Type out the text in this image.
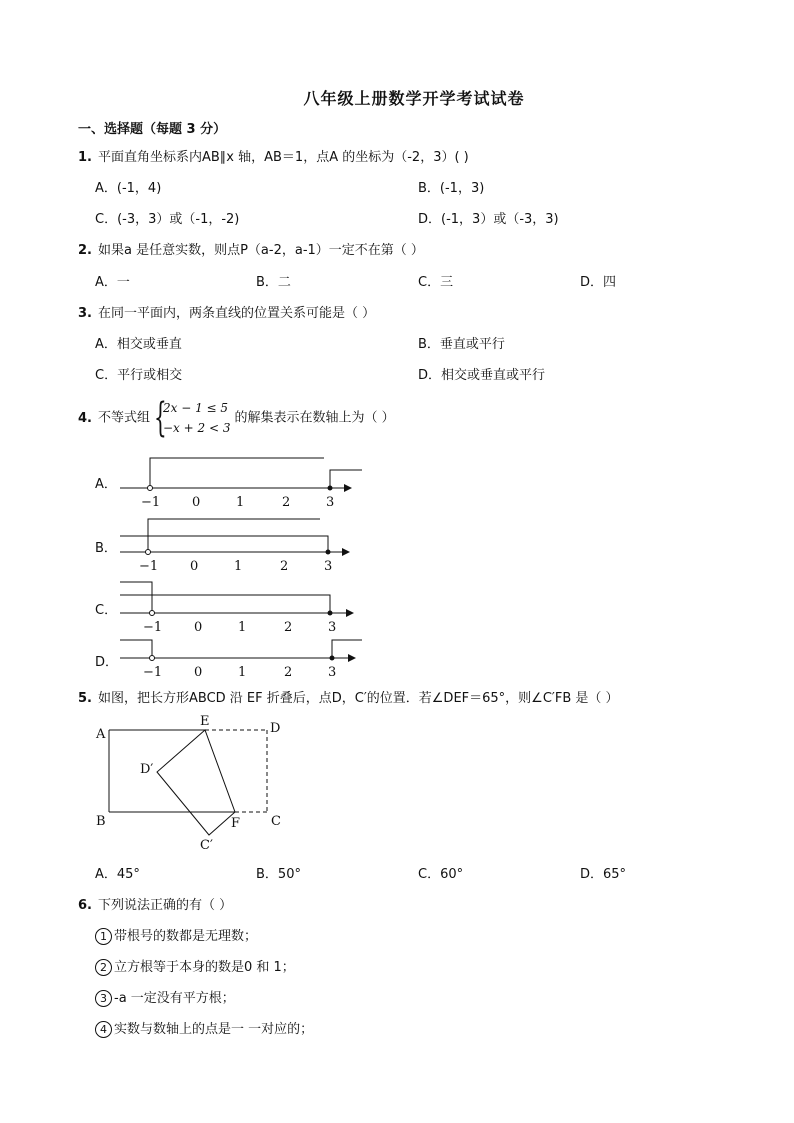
八年级上册数学开学考试试卷
一、选择题（每题 3 分）
1. 平面直角坐标系内AB∥x 轴，AB＝1，点A 的坐标为（-2，3）( )
A．(-1，4)	B．(-1，3)
C．(-3，3）或（-1，-2)	D．(-1，3）或（-3，3)
2. 如果a 是任意实数，则点P（a-2，a-1）一定不在第（ ）
A．一	B．二	C．三	D．四
3. 在同一平面内，两条直线的位置关系可能是（ ）
A．相交或垂直	B．垂直或平行
C．平行或相交	D．相交或垂直或平行
4. 不等式组 {
2x − 1 ≤ 5
−x + 2 < 3
的解集表示在数轴上为（ ）
A．
−1 0	1	2	3
B．
−1 0	1	2	3
C．
−1 0	1	2	3
D．
−1 0	1	2	3
5. 如图，把长方形ABCD 沿 EF 折叠后，点D，C′的位置．若∠DEF＝65°，则∠C′FB 是（ ）
A
B	C
D
E
F
D′
C′
A．45°	B．50°	C．60°	D．65°
6. 下列说法正确的有（ ）
1 带根号的数都是无理数；
2 立方根等于本身的数是0 和 1；
3 -a 一定没有平方根；
4 实数与数轴上的点是一 一对应的；
